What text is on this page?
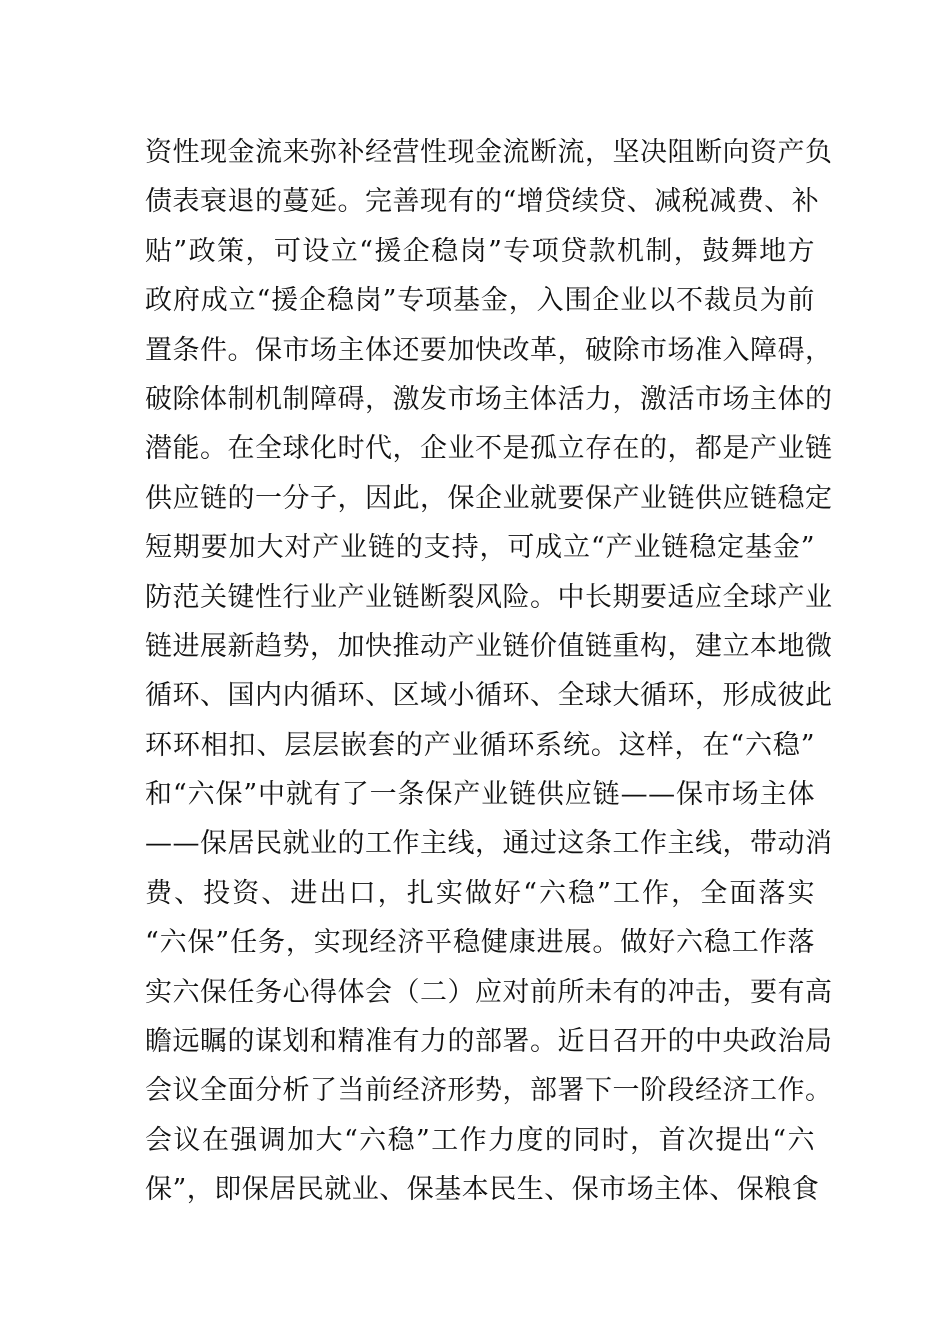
资性现金流来弥补经营性现金流断流，坚决阻断向资产负
债表衰退的蔓延。完善现有的“增贷续贷、减税减费、补
贴”政策，可设立“援企稳岗”专项贷款机制，鼓舞地方
政府成立“援企稳岗”专项基金，入围企业以不裁员为前
置条件。保市场主体还要加快改革，破除市场准入障碍，
破除体制机制障碍，激发市场主体活力，激活市场主体的
潜能。在全球化时代，企业不是孤立存在的，都是产业链
供应链的一分子，因此，保企业就要保产业链供应链稳定
短期要加大对产业链的支持，可成立“产业链稳定基金”
防范关键性行业产业链断裂风险。中长期要适应全球产业
链进展新趋势，加快推动产业链价值链重构，建立本地微
循环、国内内循环、区域小循环、全球大循环，形成彼此
环环相扣、层层嵌套的产业循环系统。这样，在“六稳”
和“六保”中就有了一条保产业链供应链——保市场主体
——保居民就业的工作主线，通过这条工作主线，带动消
费、投资、进出口，扎实做好“六稳”工作，全面落实
“六保”任务，实现经济平稳健康进展。做好六稳工作落
实六保任务心得体会（二）应对前所未有的冲击，要有高
瞻远瞩的谋划和精准有力的部署。近日召开的中央政治局
会议全面分析了当前经济形势，部署下一阶段经济工作。
会议在强调加大“六稳”工作力度的同时，首次提出“六
保”，即保居民就业、保基本民生、保市场主体、保粮食
